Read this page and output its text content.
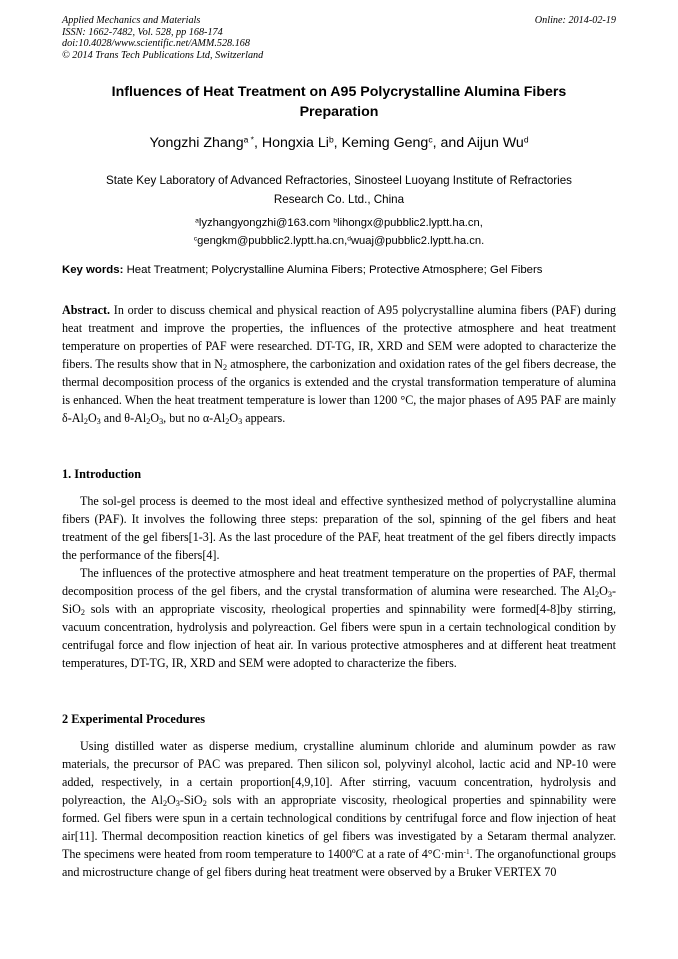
Applied Mechanics and Materials
ISSN: 1662-7482, Vol. 528, pp 168-174
doi:10.4028/www.scientific.net/AMM.528.168
© 2014 Trans Tech Publications Ltd, Switzerland
Online: 2014-02-19
Influences of Heat Treatment on A95 Polycrystalline Alumina Fibers
Preparation
Yongzhi Zhang$^{a *}$, Hongxia Li$^b$, Keming Geng$^c$, and Aijun Wu$^d$
State Key Laboratory of Advanced Refractories, Sinosteel Luoyang Institute of Refractories
Research Co. Ltd., China
$^a$lyzhangyongzhi@163.com $^b$lihongx@pubblic2.lyptt.ha.cn,
$^c$gengkm@pubblic2.lyptt.ha.cn,$^d$wuaj@pubblic2.lyptt.ha.cn.
Key words: Heat Treatment; Polycrystalline Alumina Fibers; Protective Atmosphere; Gel Fibers

Abstract. In order to discuss chemical and physical reaction of A95 polycrystalline alumina fibers (PAF) during heat treatment and improve the properties, the influences of the protective atmosphere and heat treatment temperature on properties of PAF were researched. DT-TG, IR, XRD and SEM were adopted to characterize the fibers. The results show that in $N_2$ atmosphere, the carbonization and oxidation rates of the gel fibers decrease, the thermal decomposition process of the organics is extended and the crystal transformation temperature of alumina is enhanced. When the heat treatment temperature is lower than 1200 °C, the major phases of A95 PAF are mainly $\delta-Al_2O_3$ and $\theta-Al_2O_3$, but no $\alpha-Al_2O_3$ appears.

1. Introduction

The sol-gel process is deemed to the most ideal and effective synthesized method of polycrystalline alumina fibers (PAF). It involves the following three steps: preparation of the sol, spinning of the gel fibers and heat treatment of the gel fibers[1-3]. As the last procedure of the PAF, heat treatment of the gel fibers directly impacts the performance of the fibers[4].

The influences of the protective atmosphere and heat treatment temperature on the properties of PAF, thermal decomposition process of the gel fibers, and the crystal transformation of alumina were researched. The $Al_2O_3-SiO_2$ sols with an appropriate viscosity, rheological properties and spinnability were formed[4-8]by stirring, vacuum concentration, hydrolysis and polyreaction. Gel fibers were spun in a certain technological condition by centrifugal force and flow injection of heat air. In various protective atmospheres and at different heat treatment temperatures, DT-TG, IR, XRD and SEM were adopted to characterize the fibers.

2 Experimental Procedures

Using distilled water as disperse medium, crystalline aluminum chloride and aluminum powder as raw materials, the precursor of PAC was prepared. Then silicon sol, polyvinyl alcohol, lactic acid and NP-10 were added, respectively, in a certain proportion[4,9,10]. After stirring, vacuum concentration, hydrolysis and polyreaction, the $Al_2O_3-SiO_2$ sols with an appropriate viscosity, rheological properties and spinnability were formed. Gel fibers were spun in a certain technological conditions by centrifugal force and flow injection of heat air[11]. Thermal decomposition reaction kinetics of gel fibers was investigated by a Setaram thermal analyzer. The specimens were heated from room temperature to 1400ºC at a rate of $4^\circ C\cdot\min^{-1}$. The organofunctional groups and microstructure change of gel fibers during heat treatment were observed by a Bruker VERTEX 70
